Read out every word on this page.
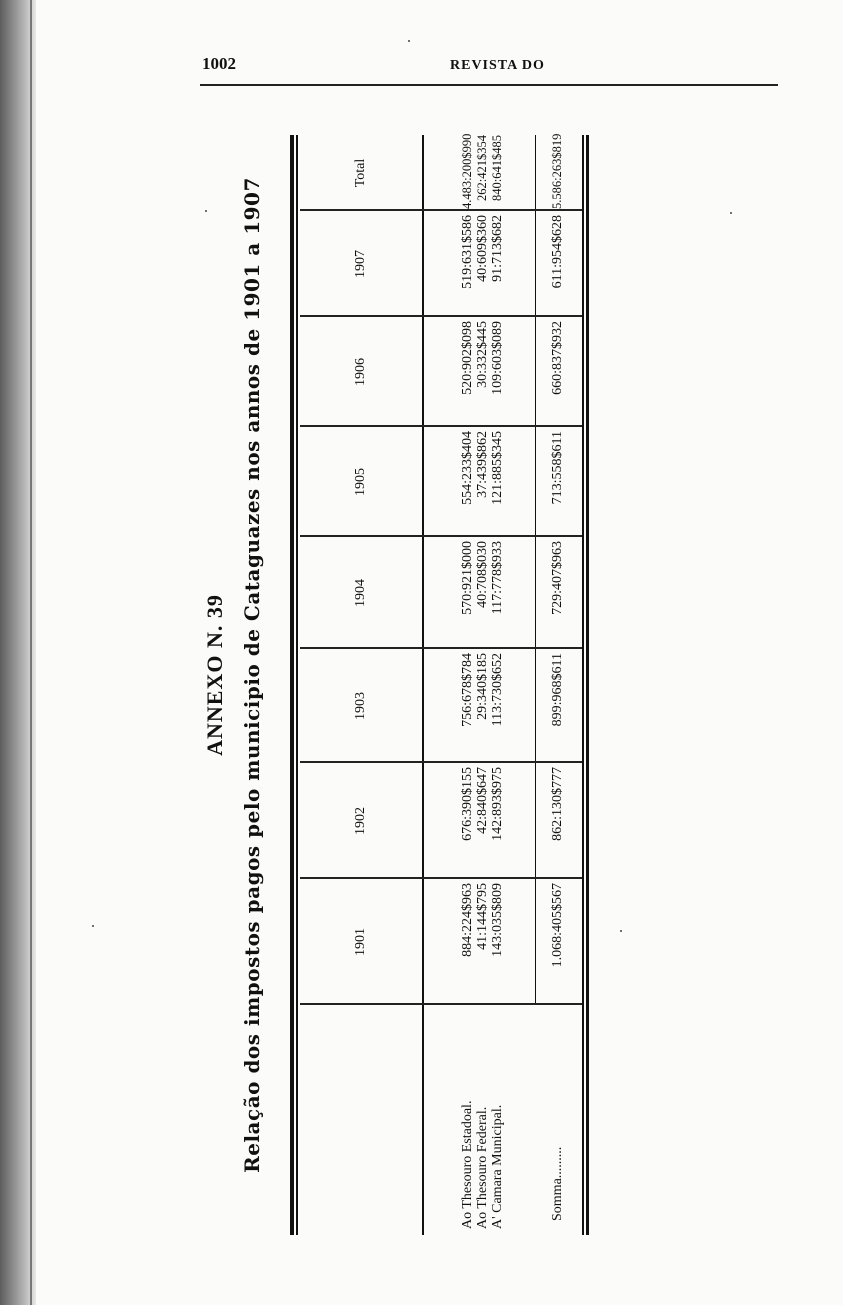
1002	REVISTA DO
ANNEXO N. 39 Relação dos impostos pagos pelo municipio de Cataguazes nos annos de 1901 a 1907	1901
1902
1903
1904
1905
1906
1907
Total
Ao Thesouro Estadoal. Ao Thesouro Federal. A' Camara Municipal.
884:224$963 41:144$795 143:035$809
676:390$155 42:840$647 142:893$975
756:678$784 29:340$185 113:730$652
570:921$000 40:708$030 117:778$933
554:233$404 37:439$862 121:885$345
520:902$098 30:332$445 109:603$089
519:631$586 40:609$360 91:713$682
4.483:200$990 262:421$354 840:641$485
Somma.........
1.068:405$567
862:130$777
899:968$611
729:407$963
713:558$611
660:837$932
611:954$628
5.586:263$819
